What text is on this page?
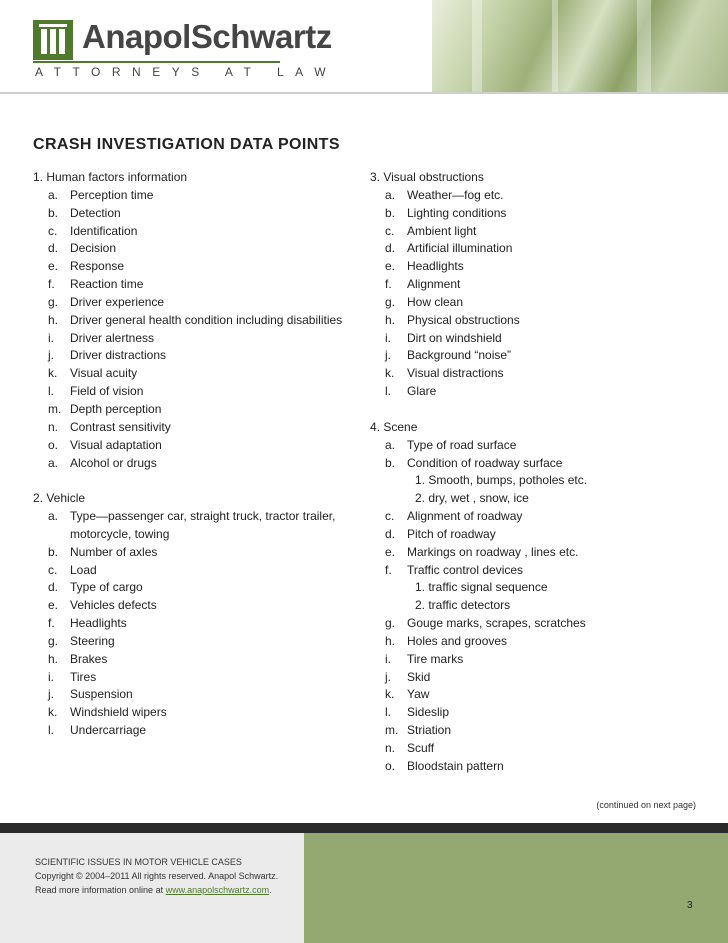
AnapolSchwartz
ATTORNEYS AT LAW
CRASH INVESTIGATION DATA POINTS
1. Human factors information
a. Perception time
b. Detection
c. Identification
d. Decision
e. Response
f. Reaction time
g. Driver experience
h. Driver general health condition including disabilities
i. Driver alertness
j. Driver distractions
k. Visual acuity
l. Field of vision
m. Depth perception
n. Contrast sensitivity
o. Visual adaptation
a. Alcohol or drugs
2. Vehicle
a. Type—passenger car, straight truck, tractor trailer, motorcycle, towing
b. Number of axles
c. Load
d. Type of cargo
e. Vehicles defects
f. Headlights
g. Steering
h. Brakes
i. Tires
j. Suspension
k. Windshield wipers
l. Undercarriage
3. Visual obstructions
a. Weather—fog etc.
b. Lighting conditions
c. Ambient light
d. Artificial illumination
e. Headlights
f. Alignment
g. How clean
h. Physical obstructions
i. Dirt on windshield
j. Background “noise”
k. Visual distractions
l. Glare
4. Scene
a. Type of road surface
b. Condition of roadway surface
1. Smooth, bumps, potholes etc.
2. dry, wet , snow, ice
c. Alignment of roadway
d. Pitch of roadway
e. Markings on roadway , lines etc.
f. Traffic control devices
1. traffic signal sequence
2. traffic detectors
g. Gouge marks, scrapes, scratches
h. Holes and grooves
i. Tire marks
j. Skid
k. Yaw
l. Sideslip
m. Striation
n. Scuff
o. Bloodstain pattern
(continued on next page)
SCIENTIFIC ISSUES IN MOTOR VEHICLE CASES
Copyright © 2004–2011 All rights reserved. Anapol Schwartz.
Read more information online at www.anapolschwartz.com.
3
